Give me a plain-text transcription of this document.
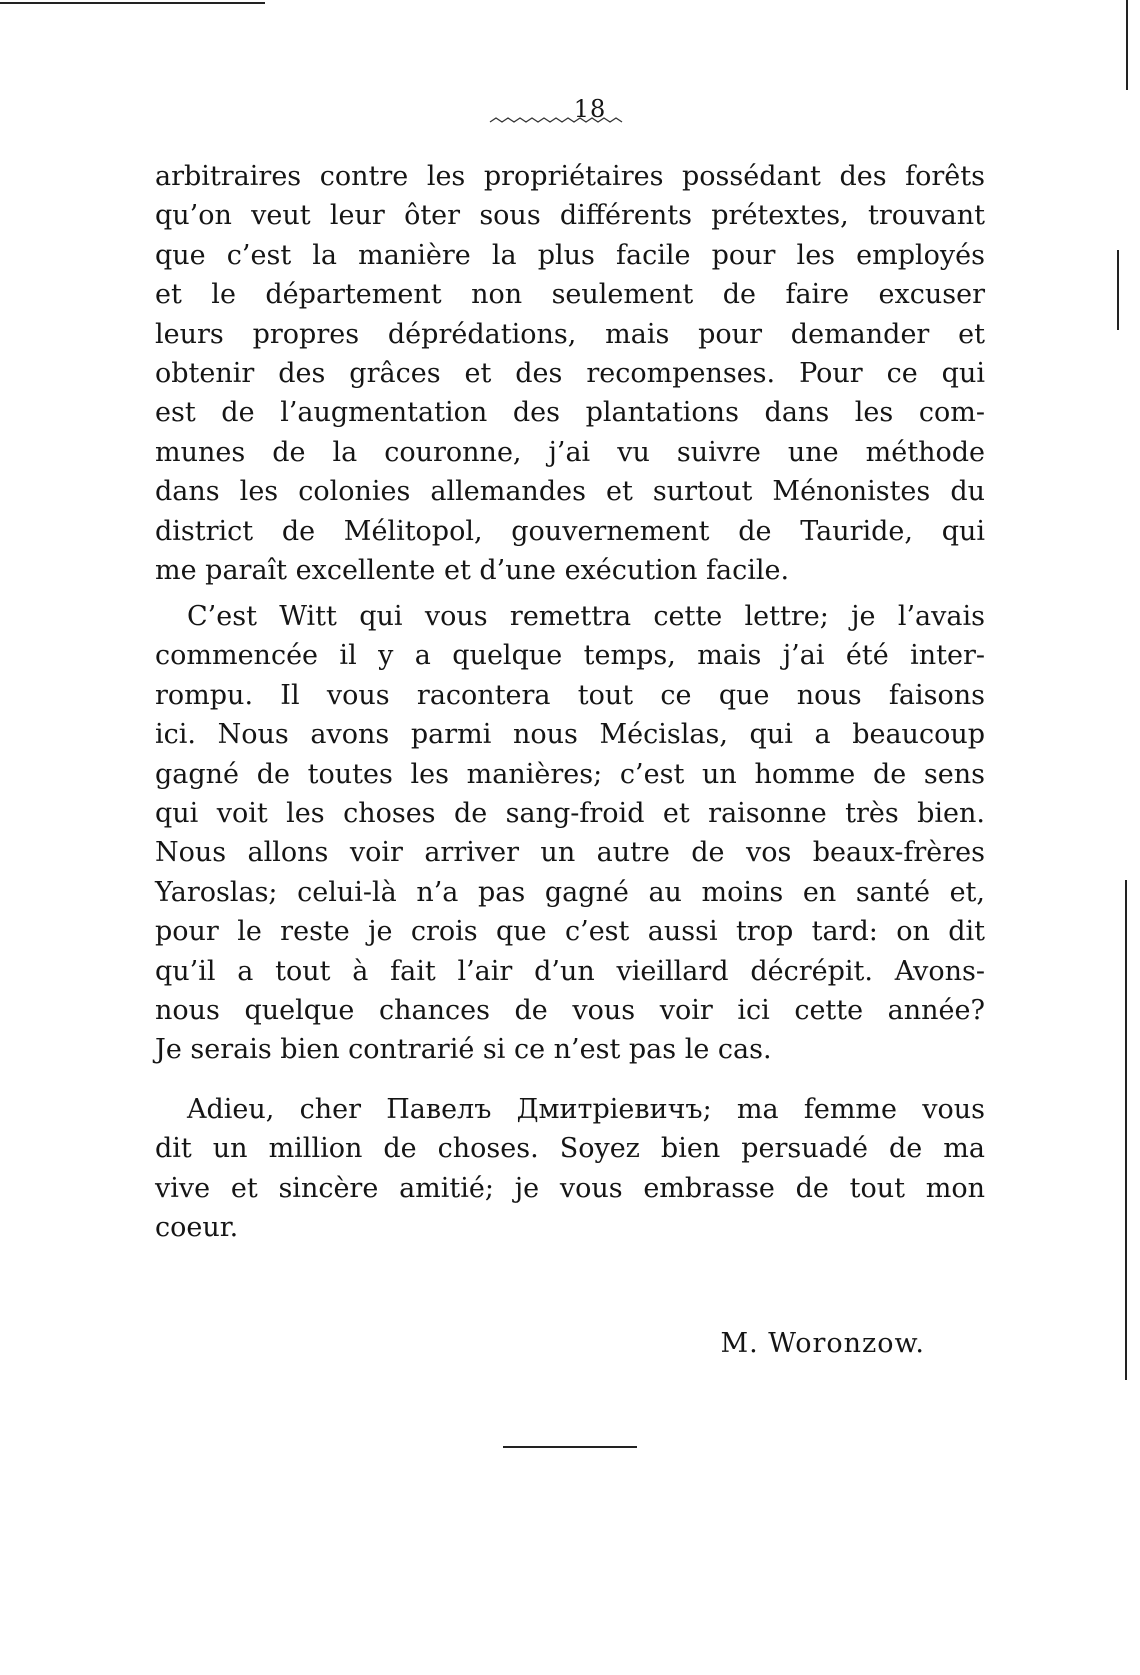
18
arbitraires contre les propriétaires possédant des forêts
qu’on veut leur ôter sous différents prétextes, trouvant
que c’est la manière la plus facile pour les employés
et le département non seulement de faire excuser
leurs propres déprédations, mais pour demander et
obtenir des grâces et des recompenses. Pour ce qui
est de l’augmentation des plantations dans les com-
munes de la couronne, j’ai vu suivre une méthode
dans les colonies allemandes et surtout Ménonistes du
district de Mélitopol, gouvernement de Tauride, qui
me paraît excellente et d’une exécution facile.
C’est Witt qui vous remettra cette lettre; je l’avais
commencée il y a quelque temps, mais j’ai été inter-
rompu. Il vous racontera tout ce que nous faisons
ici. Nous avons parmi nous Mécislas, qui a beaucoup
gagné de toutes les manières; c’est un homme de sens
qui voit les choses de sang-froid et raisonne très bien.
Nous allons voir arriver un autre de vos beaux-frères
Yaroslas; celui-là n’a pas gagné au moins en santé et,
pour le reste je crois que c’est aussi trop tard: on dit
qu’il a tout à fait l’air d’un vieillard décrépit. Avons-
nous quelque chances de vous voir ici cette année?
Je serais bien contrarié si ce n’est pas le cas.
Adieu, cher Павелъ Дмитріевичъ; ma femme vous
dit un million de choses. Soyez bien persuadé de ma
vive et sincère amitié; je vous embrasse de tout mon
coeur.
M. Woronzow.
